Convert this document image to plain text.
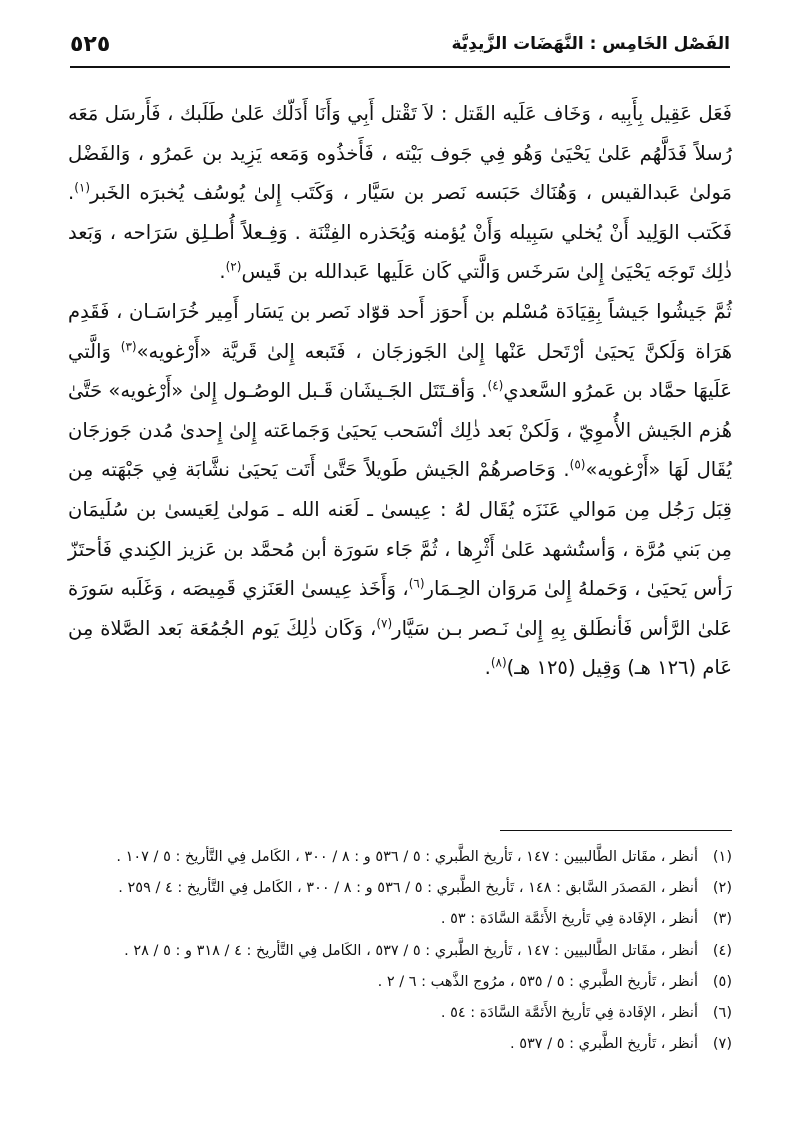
الفَصْل الخَامِس : النَّهَضَات الزَّيدِيَّة
٥٢٥

فَعَل عَقِيل بِأَبِيه ، وَخَاف عَلَيه القَتل : لاَ تَقْتل أَبِي وَأَنَا أَدَلّك عَلىٰ طَلَبك ، فَأَرسَل مَعَه رُسلاً فَدَلَّهُم عَلىٰ يَحْيَىٰ وَهُو فِي جَوف بَيْته ، فَأَخذُوه وَمَعه يَزِيد بن عَمرُو ، وَالفَضْل مَولىٰ عَبدالقيس ، وَهُنَاك حَبَسه نَصر بن سَيَّار ، وَكَتَب إِلىٰ يُوسُف يُخبرَه الخَبر$^{(١)}$. فَكَتب الوَلِيد أَنْ يُخلي سَبِيله وَأَنْ يُؤمنه وَيُحَذره الفِتْنَة . وَفِـعلاً أُطـلِق سَرَاحه ، وَبَعد ذٰلِك تَوجَه يَحْيَىٰ إِلىٰ سَرخَس وَالَّتي كَان عَلَيها عَبدالله بن قَيس$^{(٢)}$.

ثُمَّ جَيشُوا جَيشاً بِقِيَادَة مُسْلم بن أَحوَز أَحد قوّاد نَصر بن يَسَار أَمِير خُرَاسَـان ، فَقَدِم هَرَاة وَلَكنَّ يَحيَىٰ أرْتَحل عَنْها إِلىٰ الجَوزجَان ، فَتَبعه إِلىٰ قَريَّة «أَرْغويه»$^{(٣)}$ وَالَّتي عَلَيهَا حمَّاد بن عَمرُو السَّعدي$^{(٤)}$. وَأقـتَتَل الجَـيشَان قَـبل الوصُـول إِلىٰ «أَرْغويه» حَتَّىٰ هُزم الجَيش الأُموِيّ ، وَلَكنْ بَعد ذٰلِك أنْسَحب يَحيَىٰ وَجَماعَته إِلىٰ إِحدىٰ مُدن جَوزجَان يُقَال لَهَا «أَرْغويه»$^{(٥)}$. وَحَاصرهُمْ الجَيش طَويلاً حَتَّىٰ أَتَت يَحيَىٰ نشَّابَة فِي جَبْهَته مِن قِبَل رَجُل مِن مَوالي عَنَزَه يُقَال لهُ : عِيسىٰ ـ لَعَنه الله ـ مَولىٰ لِعَيسىٰ بن سُلَيمَان مِن بَني مُرَّة ، وَأستُشهد عَلىٰ أَثْرِها ، ثُمَّ جَاء سَورَة أبن مُحمَّد بن عَزيز الكِندي فَأحتَزّ رَأس يَحيَىٰ ، وَحَملهُ إِلىٰ مَروَان الحِـمَار$^{(٦)}$، وَأَخَذ عِيسىٰ العَنَزي قَمِيصَه ، وَغَلَبه سَورَة عَلىٰ الرَّأس فَأنطَلق بِهِ إِلىٰ نَـصر بـن سَيَّار$^{(٧)}$، وَكَان ذٰلِكَ يَوم الجُمُعَة بَعد الصَّلاة مِن عَام (١٢٦ هـ) وَقِيل (١٢٥ هـ)$^{(٨)}$.

(١)أنظر ، مقَاتل الطَّالبيين : ١٤٧ ، تَأريخ الطَّبري : ٥ / ٥٣٦ و : ٨ / ٣٠٠ ، الكَامل فِي التَّأريخ : ٥ / ١٠٧ .
(٢)أنظر ، المَصدَر السَّابق : ١٤٨ ، تَأريخ الطَّبري : ٥ / ٥٣٦ و : ٨ / ٣٠٠ ، الكَامل فِي التَّأريخ : ٤ / ٢٥٩ .
(٣)أنظر ، الإفَادة فِي تَأريخ الأَئمَّة السَّادَة : ٥٣ .
(٤)أنظر ، مقَاتل الطَّالبيين : ١٤٧ ، تَأريخ الطَّبري : ٥ / ٥٣٧ ، الكَامل فِي التَّأريخ : ٤ / ٣١٨ و : ٥ / ٢٨ .
(٥)أنظر ، تَأريخ الطَّبري : ٥ / ٥٣٥ ، مرُوج الذَّهب : ٦ / ٢ .
(٦)أنظر ، الإفَادة فِي تَأريخ الأَئمَّة السَّادَة : ٥٤ .
(٧)أنظر ، تَأريخ الطَّبري : ٥ / ٥٣٧ .
